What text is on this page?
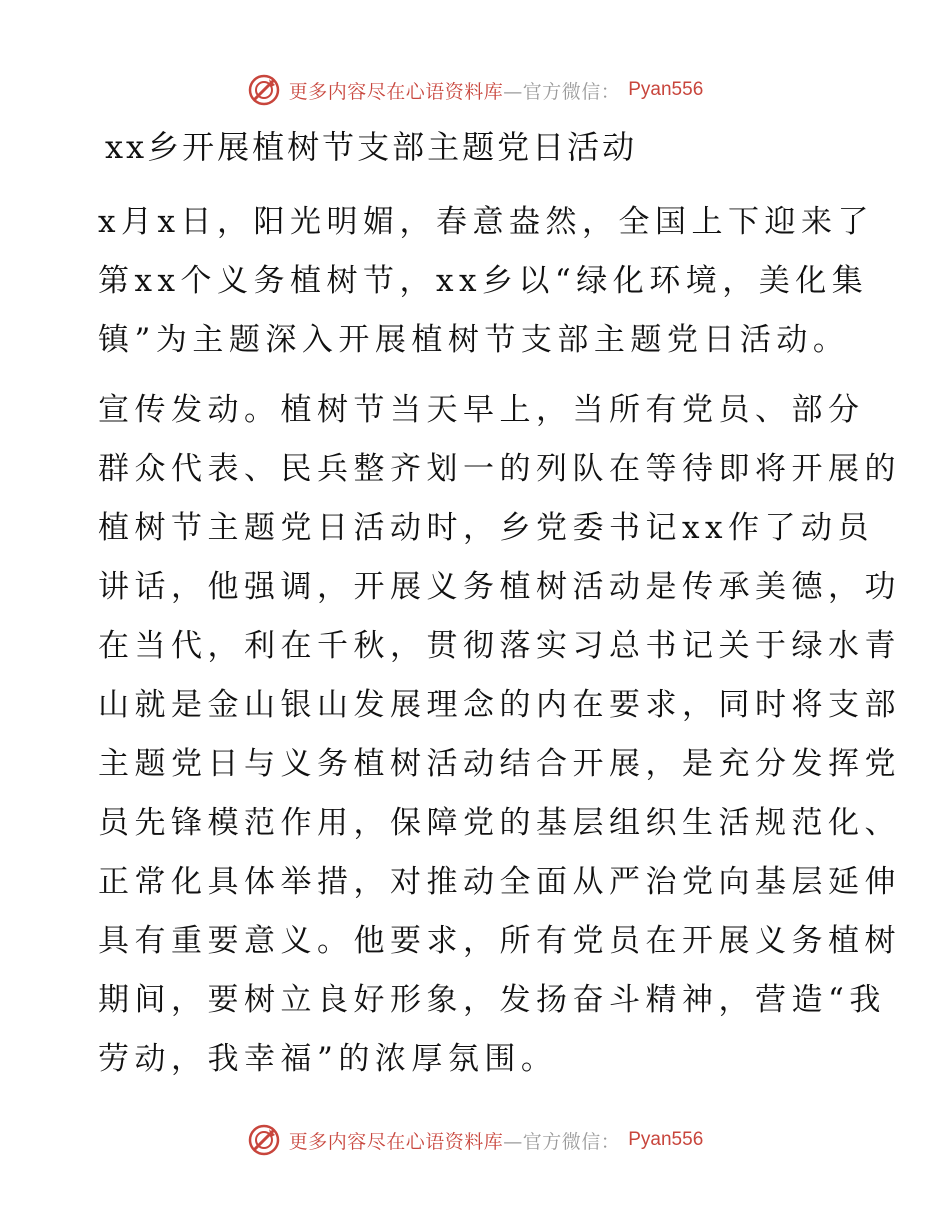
更多内容尽在心语资料库—官方微信： Pyan556
xx乡开展植树节支部主题党日活动

x月x日，阳光明媚，春意盎然，全国上下迎来了
第xx个义务植树节，xx乡以“绿化环境，美化集
镇”为主题深入开展植树节支部主题党日活动。

宣传发动。植树节当天早上，当所有党员、部分
群众代表、民兵整齐划一的列队在等待即将开展的
植树节主题党日活动时，乡党委书记xx作了动员
讲话，他强调，开展义务植树活动是传承美德，功
在当代，利在千秋，贯彻落实习总书记关于绿水青
山就是金山银山发展理念的内在要求，同时将支部
主题党日与义务植树活动结合开展，是充分发挥党
员先锋模范作用，保障党的基层组织生活规范化、
正常化具体举措，对推动全面从严治党向基层延伸
具有重要意义。他要求，所有党员在开展义务植树
期间，要树立良好形象，发扬奋斗精神，营造“我
劳动，我幸福”的浓厚氛围。

更多内容尽在心语资料库—官方微信： Pyan556
